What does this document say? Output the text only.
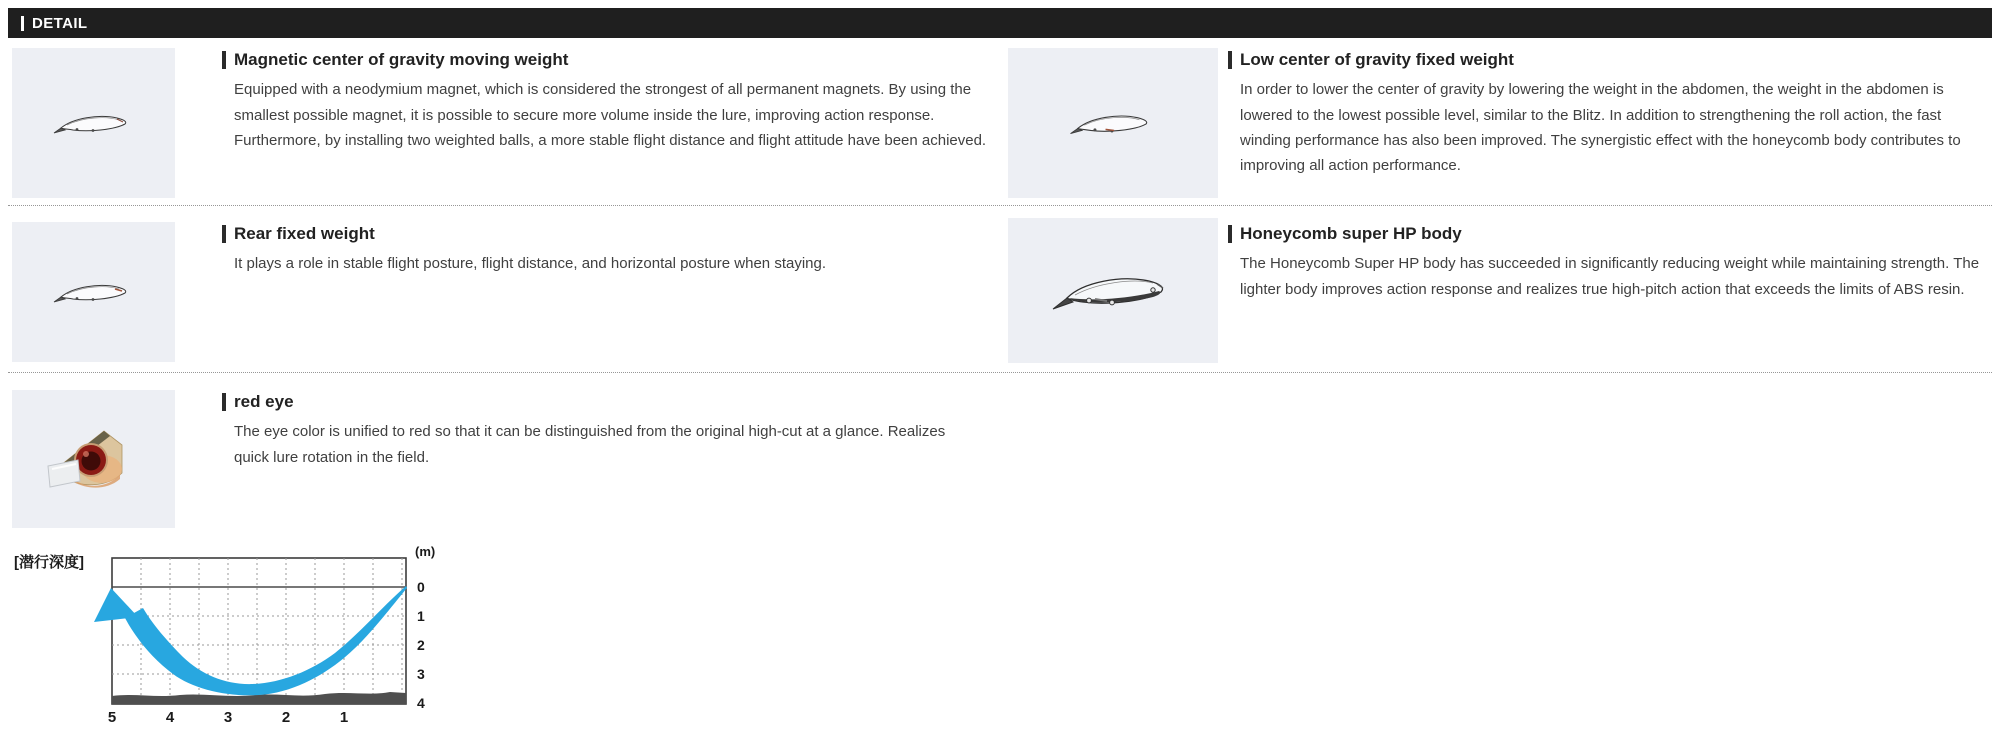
DETAIL
Magnetic center of gravity moving weight

Equipped with a neodymium magnet, which is considered the strongest of all permanent magnets. By using the smallest possible magnet, it is possible to secure more volume inside the lure, improving action response. Furthermore, by installing two weighted balls, a more stable flight distance and flight attitude have been achieved.

Low center of gravity fixed weight

In order to lower the center of gravity by lowering the weight in the abdomen, the weight in the abdomen is lowered to the lowest possible level, similar to the Blitz. In addition to strengthening the roll action, the fast winding performance has also been improved. The synergistic effect with the honeycomb body contributes to improving all action performance.

Rear fixed weight

It plays a role in stable flight posture, flight distance, and horizontal posture when staying.

Honeycomb super HP body

The Honeycomb Super HP body has succeeded in significantly reducing weight while maintaining strength. The lighter body improves action response and realizes true high-pitch action that exceeds the limits of ABS resin.

red eye

The eye color is unified to red so that it can be distinguished from the original high-cut at a glance. Realizes quick lure rotation in the field.

[潜行深度]
(m)
0
1
2
3
4
5	4	3	2	1
